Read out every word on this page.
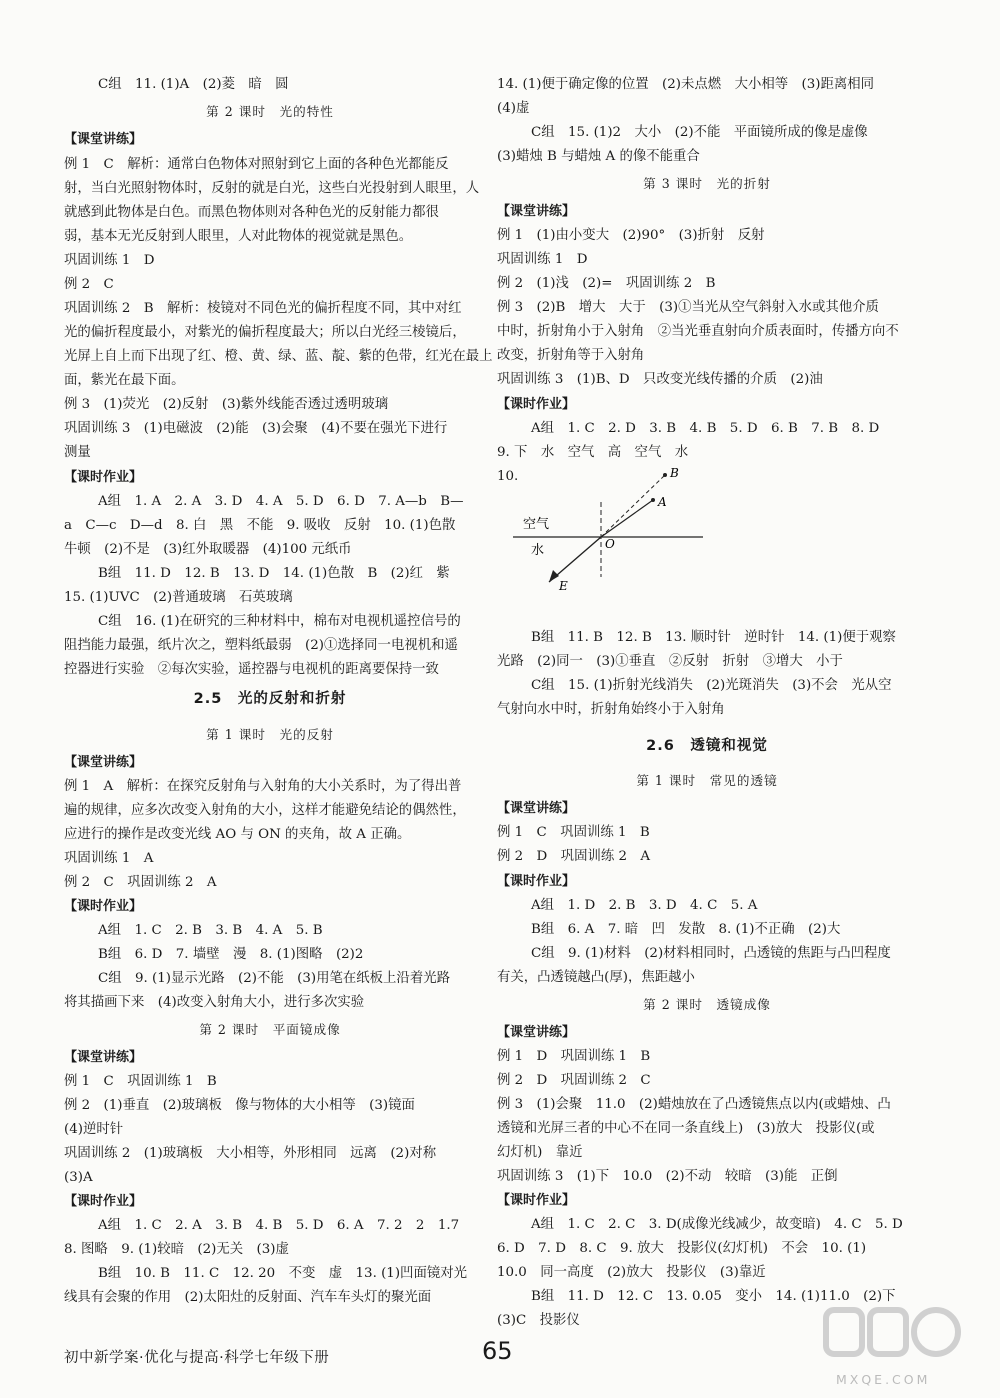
C组　11. (1)A　(2)菱　暗　圆
第 2 课时　光的特性
【课堂讲练】
例 1　C　解析：通常白色物体对照射到它上面的各种色光都能反
射，当白光照射物体时，反射的就是白光，这些白光投射到人眼里，人
就感到此物体是白色。而黑色物体则对各种色光的反射能力都很
弱，基本无光反射到人眼里，人对此物体的视觉就是黑色。
巩固训练 1　D
例 2　C
巩固训练 2　B　解析：棱镜对不同色光的偏折程度不同，其中对红
光的偏折程度最小，对紫光的偏折程度最大；所以白光经三棱镜后，
光屏上自上而下出现了红、橙、黄、绿、蓝、靛、紫的色带，红光在最上
面，紫光在最下面。
例 3　(1)荧光　(2)反射　(3)紫外线能否透过透明玻璃
巩固训练 3　(1)电磁波　(2)能　(3)会聚　(4)不要在强光下进行
测量
【课时作业】
A组　1. A　2. A　3. D　4. A　5. D　6. D　7. A—b　B—
a　C—c　D—d　8. 白　黑　不能　9. 吸收　反射　10. (1)色散
牛顿　(2)不是　(3)红外取暖器　(4)100 元纸币
B组　11. D　12. B　13. D　14. (1)色散　B　(2)红　紫
15. (1)UVC　(2)普通玻璃　石英玻璃
C组　16. (1)在研究的三种材料中，棉布对电视机遥控信号的
阻挡能力最强，纸片次之，塑料纸最弱　(2)①选择同一电视机和遥
控器进行实验　②每次实验，遥控器与电视机的距离要保持一致
2.5　光的反射和折射
第 1 课时　光的反射
【课堂讲练】
例 1　A　解析：在探究反射角与入射角的大小关系时，为了得出普
遍的规律，应多次改变入射角的大小，这样才能避免结论的偶然性，
应进行的操作是改变光线 AO 与 ON 的夹角，故 A 正确。
巩固训练 1　A
例 2　C　巩固训练 2　A
【课时作业】
A组　1. C　2. B　3. B　4. A　5. B
B组　6. D　7. 墙壁　漫　8. (1)图略　(2)2
C组　9. (1)显示光路　(2)不能　(3)用笔在纸板上沿着光路
将其描画下来　(4)改变入射角大小，进行多次实验
第 2 课时　平面镜成像
【课堂讲练】
例 1　C　巩固训练 1　B
例 2　(1)垂直　(2)玻璃板　像与物体的大小相等　(3)镜面
(4)逆时针
巩固训练 2　(1)玻璃板　大小相等，外形相同　远离　(2)对称
(3)A
【课时作业】
A组　1. C　2. A　3. B　4. B　5. D　6. A　7. 2　2　1.7
8. 图略　9. (1)较暗　(2)无关　(3)虚
B组　10. B　11. C　12. 20　不变　虚　13. (1)凹面镜对光
线具有会聚的作用　(2)太阳灶的反射面、汽车车头灯的聚光面
空气
水	O
A
B
E
14. (1)便于确定像的位置　(2)未点燃　大小相等　(3)距离相同
(4)虚
C组　15. (1)2　大小　(2)不能　平面镜所成的像是虚像
(3)蜡烛 B 与蜡烛 A 的像不能重合
第 3 课时　光的折射
【课堂讲练】
例 1　(1)由小变大　(2)90°　(3)折射　反射
巩固训练 1　D
例 2　(1)浅　(2)=　巩固训练 2　B
例 3　(2)B　增大　大于　(3)①当光从空气斜射入水或其他介质
中时，折射角小于入射角　②当光垂直射向介质表面时，传播方向不
改变，折射角等于入射角
巩固训练 3　(1)B、D　只改变光线传播的介质　(2)油
【课时作业】
A组　1. C　2. D　3. B　4. B　5. D　6. B　7. B　8. D
9. 下　水　空气　高　空气　水
10.
B组　11. B　12. B　13. 顺时针　逆时针　14. (1)便于观察
光路　(2)同一　(3)①垂直　②反射　折射　③增大　小于
C组　15. (1)折射光线消失　(2)光斑消失　(3)不会　光从空
气射向水中时，折射角始终小于入射角
2.6　透镜和视觉
第 1 课时　常见的透镜
【课堂讲练】
例 1　C　巩固训练 1　B
例 2　D　巩固训练 2　A
【课时作业】
A组　1. D　2. B　3. D　4. C　5. A
B组　6. A　7. 暗　凹　发散　8. (1)不正确　(2)大
C组　9. (1)材料　(2)材料相同时，凸透镜的焦距与凸凹程度
有关，凸透镜越凸(厚)，焦距越小
第 2 课时　透镜成像
【课堂讲练】
例 1　D　巩固训练 1　B
例 2　D　巩固训练 2　C
例 3　(1)会聚　11.0　(2)蜡烛放在了凸透镜焦点以内(或蜡烛、凸
透镜和光屏三者的中心不在同一条直线上)　(3)放大　投影仪(或
幻灯机)　靠近
巩固训练 3　(1)下　10.0　(2)不动　较暗　(3)能　正倒
【课时作业】
A组　1. C　2. C　3. D(成像光线减少，故变暗)　4. C　5. D
6. D　7. D　8. C　9. 放大　投影仪(幻灯机)　不会　10. (1)
10.0　同一高度　(2)放大　投影仪　(3)靠近
B组　11. D　12. C　13. 0.05　变小　14. (1)11.0　(2)下
(3)C　投影仪
初中新学案·优化与提高·科学七年级下册	65
MXQE.COM
